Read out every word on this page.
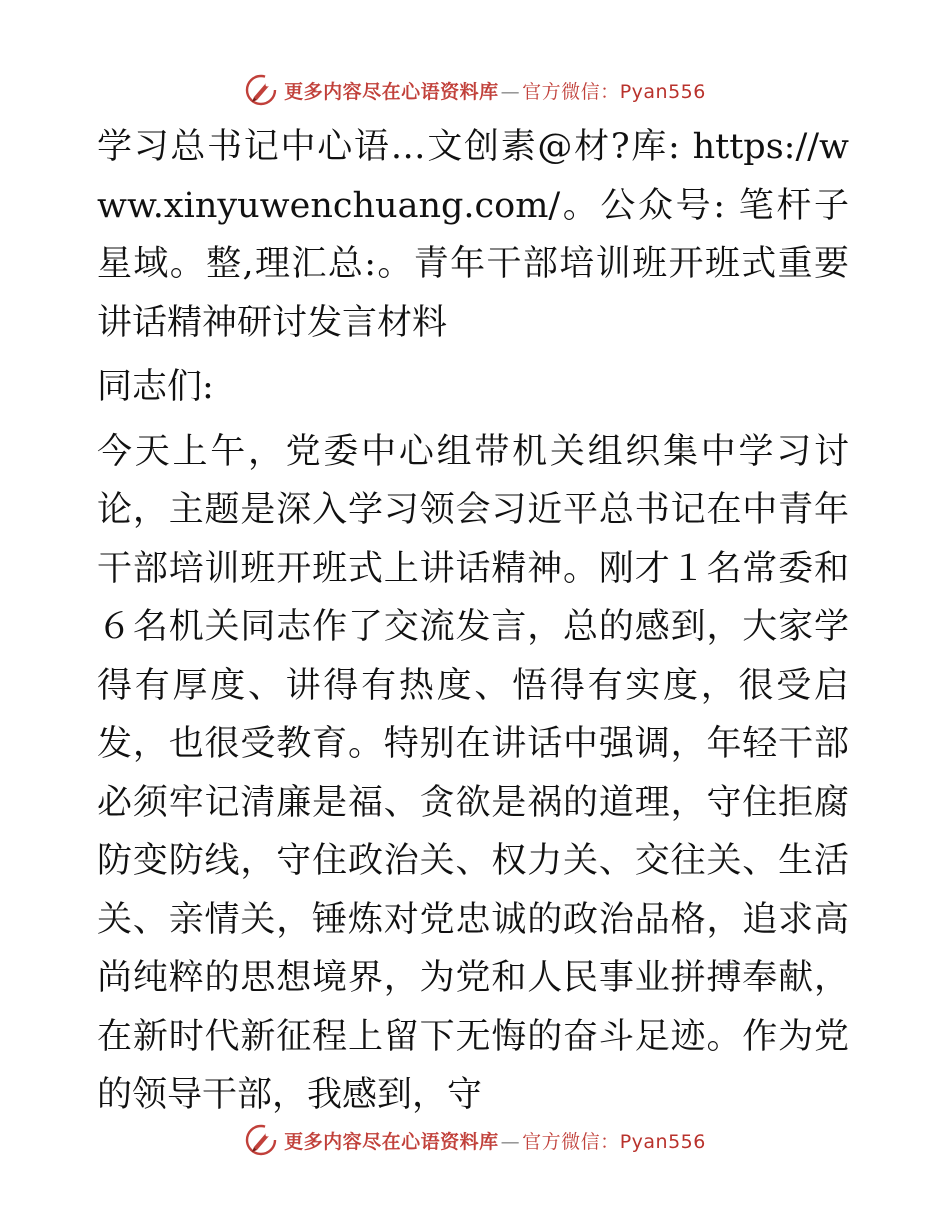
更多内容尽在心语资料库 — 官方微信：Pyan556

学习总书记中心语…文创素@材?库: https://www.xinyuwenchuang.com/。公众号: 笔杆子星域。整,理汇总:。青年干部培训班开班式重要讲话精神研讨发言材料

同志们:

今天上午，党委中心组带机关组织集中学习讨论，主题是深入学习领会习近平总书记在中青年干部培训班开班式上讲话精神。刚才１名常委和６名机关同志作了交流发言，总的感到，大家学得有厚度、讲得有热度、悟得有实度，很受启发，也很受教育。特别在讲话中强调，年轻干部必须牢记清廉是福、贪欲是祸的道理，守住拒腐防变防线，守住政治关、权力关、交往关、生活关、亲情关，锤炼对党忠诚的政治品格，追求高尚纯粹的思想境界，为党和人民事业拼搏奉献，在新时代新征程上留下无悔的奋斗足迹。作为党的领导干部，我感到，守

更多内容尽在心语资料库 — 官方微信：Pyan556
